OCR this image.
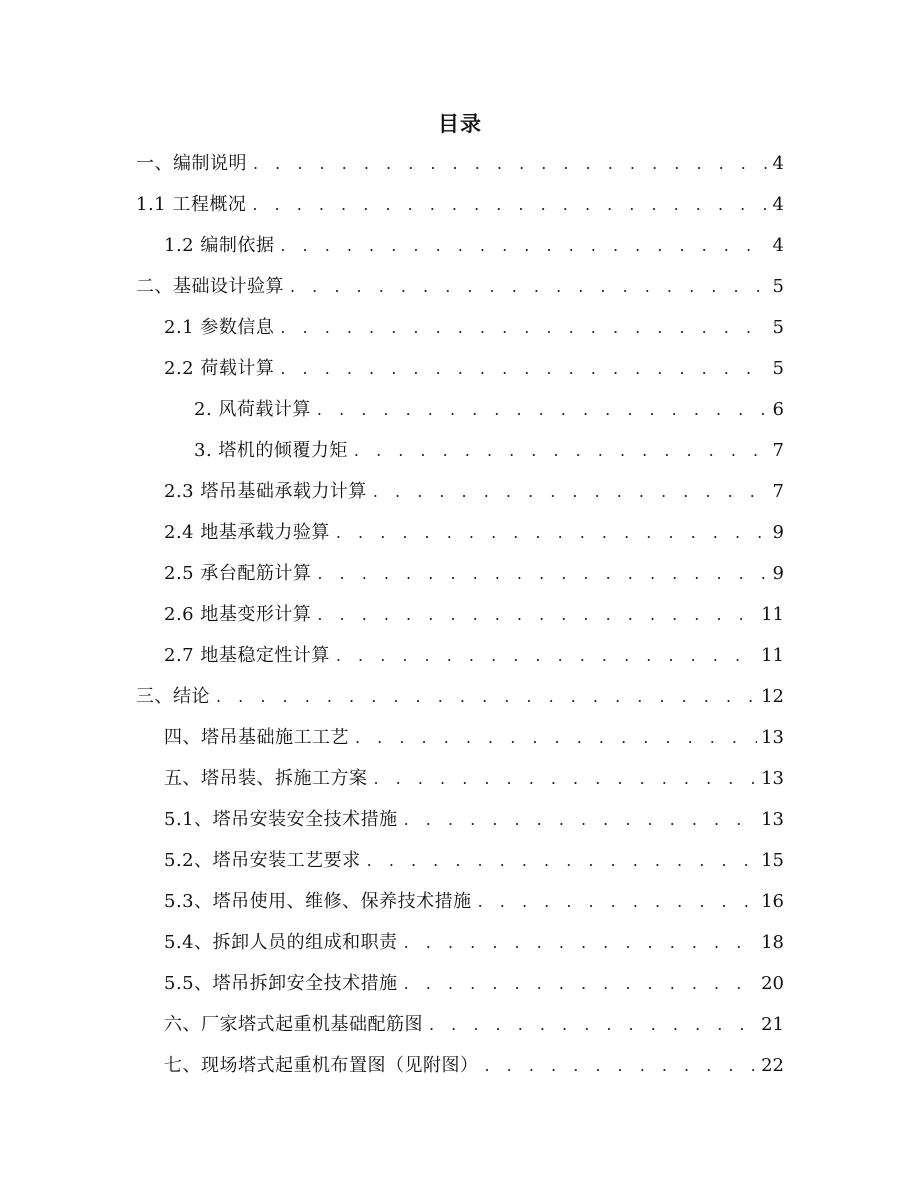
目录
一、编制说明 . . .	4
1.1 工程概况 . . .	4
1.2 编制依据 . . .	4
二、基础设计验算 . . .	5
2.1 参数信息 . . .	5
2.2 荷载计算 . . .	5
2. 风荷载计算 . . .	6
3. 塔机的倾覆力矩 . . .	7
2.3 塔吊基础承载力计算 . . .	7
2.4 地基承载力验算 . . .	9
2.5 承台配筋计算 . . .	9
2.6 地基变形计算 . . .	11
2.7 地基稳定性计算 . . .	11
三、结论 . . .	12
四、塔吊基础施工工艺 . . .	13
五、塔吊装、拆施工方案 . . .	13
5.1、塔吊安装安全技术措施 . . .	13
5.2、塔吊安装工艺要求 . . .	15
5.3、塔吊使用、维修、保养技术措施 . . .	16
5.4、拆卸人员的组成和职责 . . .	18
5.5、塔吊拆卸安全技术措施 . . .	20
六、厂家塔式起重机基础配筋图 . . .	21
七、现场塔式起重机布置图（见附图） . . .	22
